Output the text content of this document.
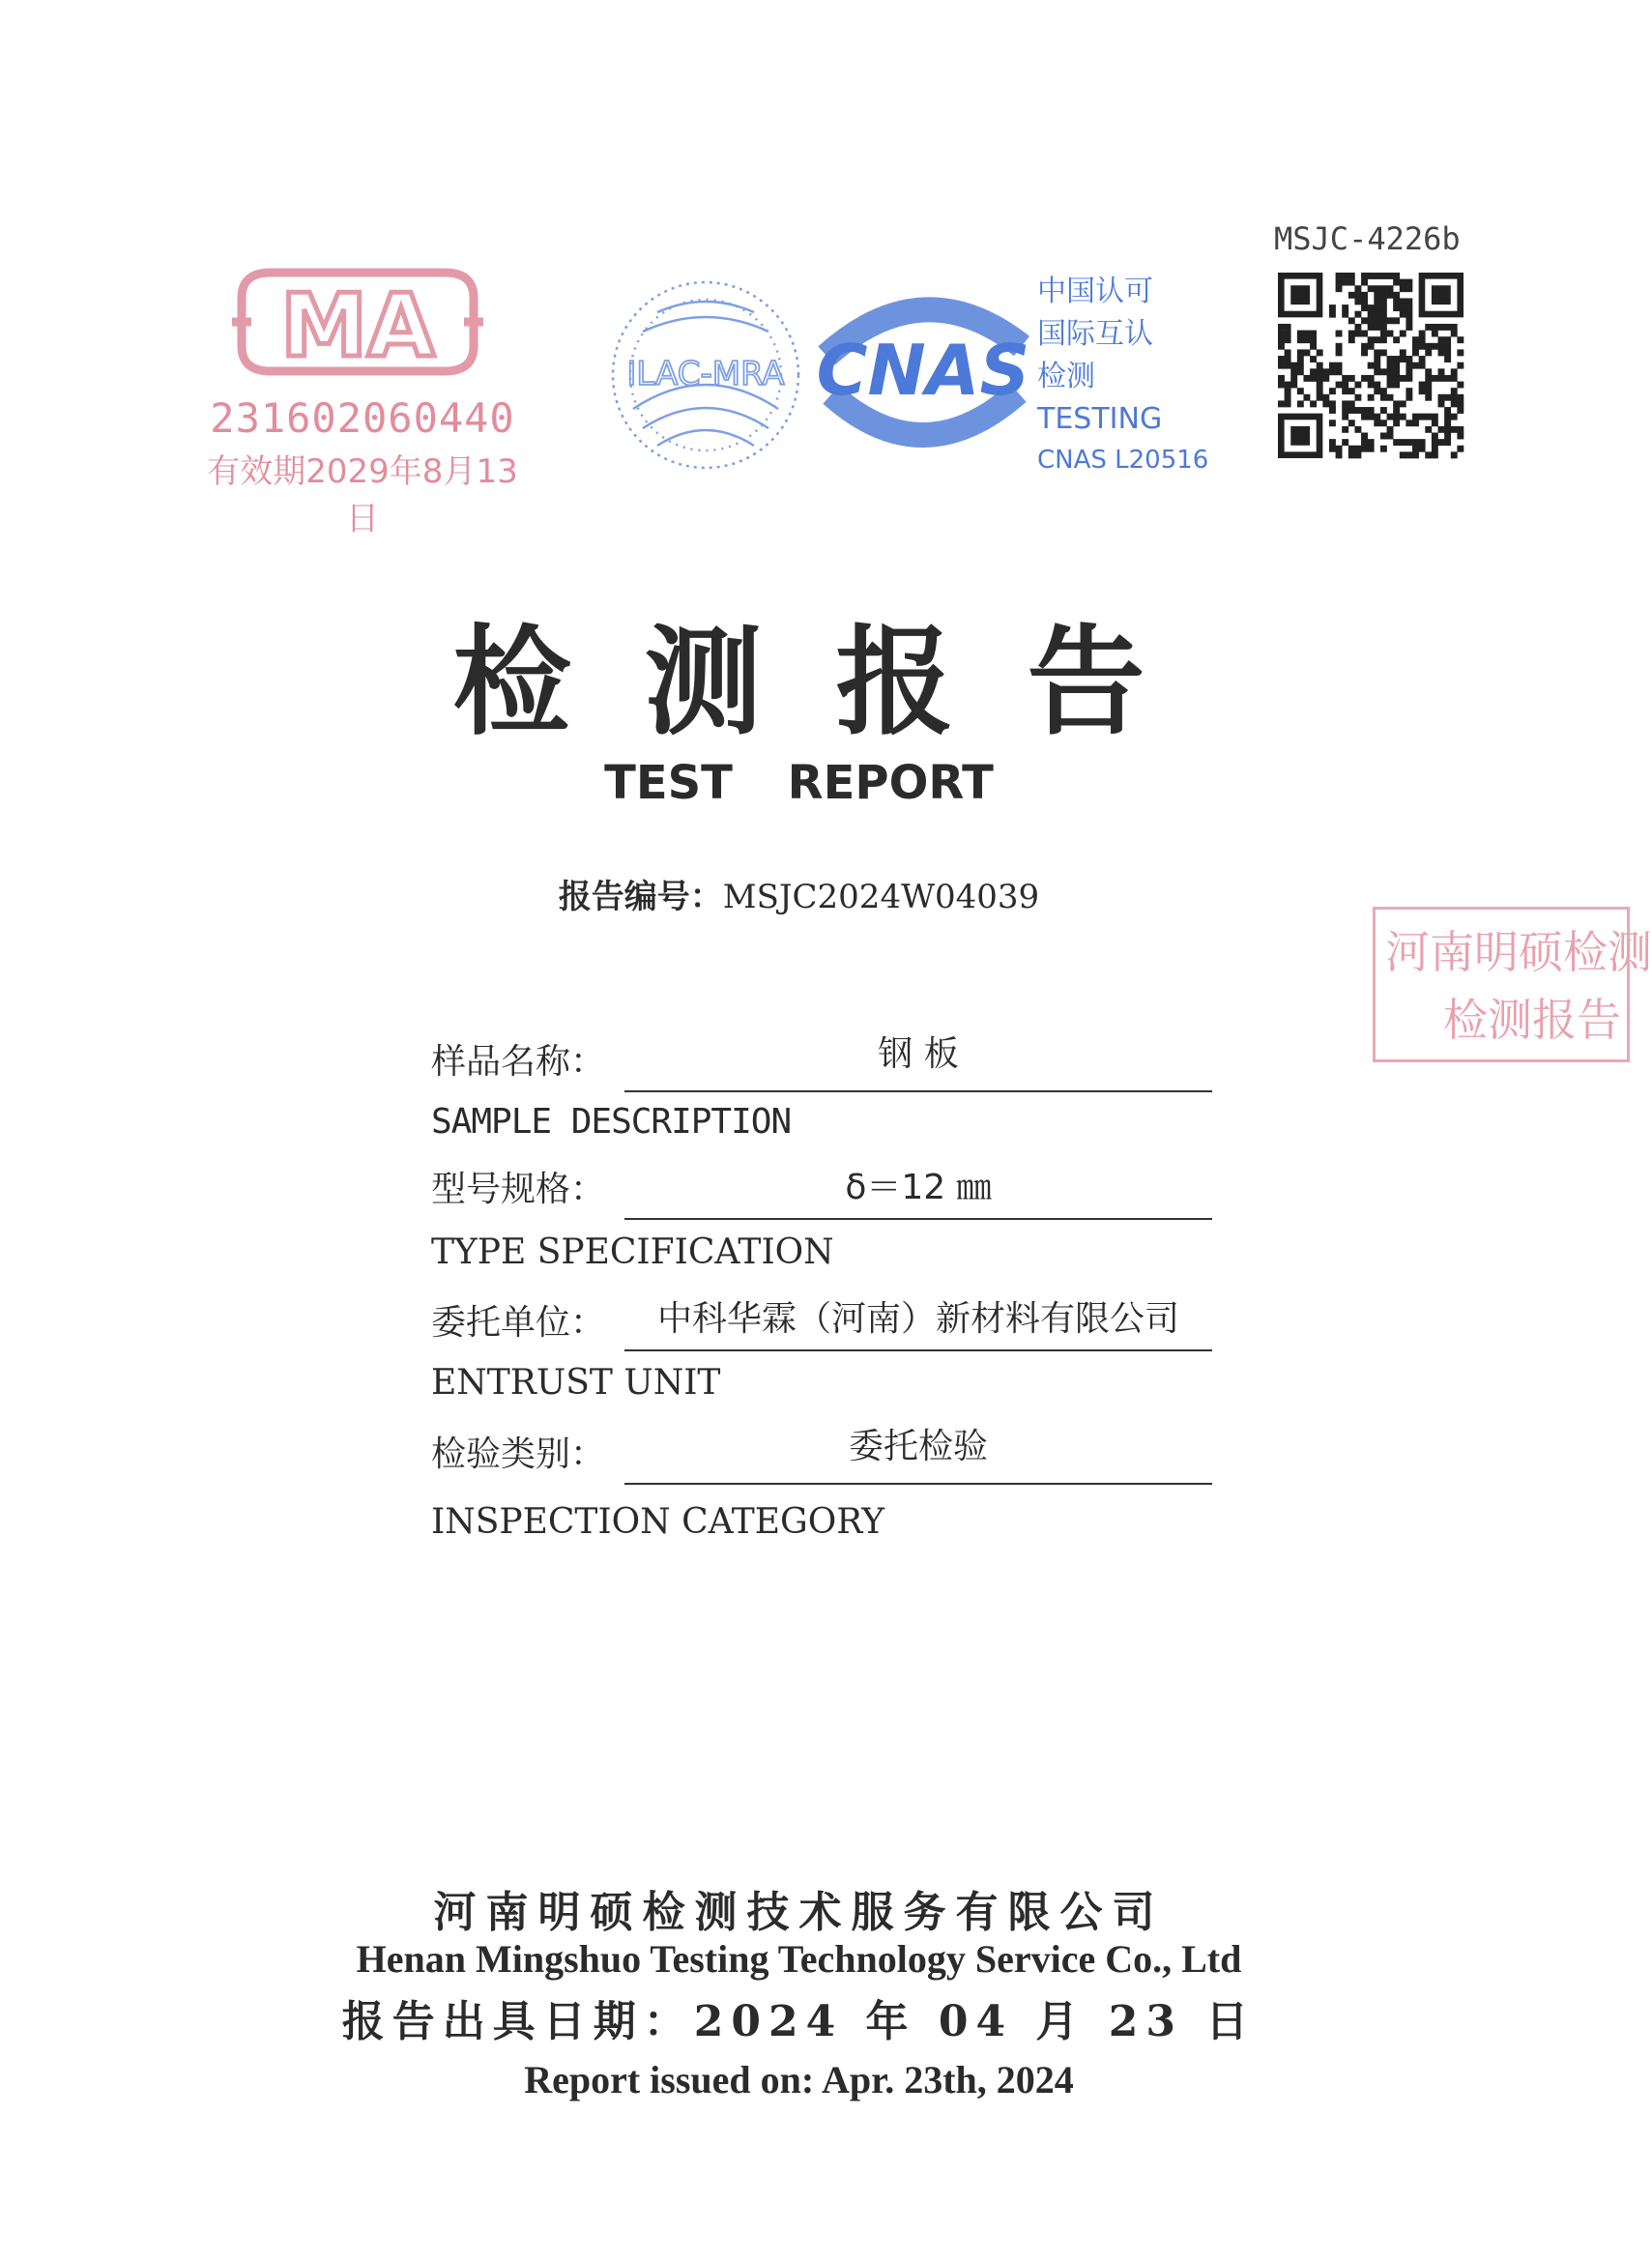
MA
231602060440
有效期2029年8月13日
ILAC-MRA CNAS
中国认可
国际互认
检测
TESTING
CNAS L20516
MSJC-4226b
检测报告
TEST REPORT
报告编号：MSJC2024W04039
河南明硕检测
检测报告
样品名称：	钢 板
SAMPLE DESCRIPTION
型号规格：	δ＝12 ㎜
TYPE SPECIFICATION
委托单位：	中科华霖（河南）新材料有限公司
ENTRUST UNIT
检验类别：	委托检验
INSPECTION CATEGORY
河南明硕检测技术服务有限公司
Henan Mingshuo Testing Technology Service Co., Ltd
报告出具日期：2024 年 04 月 23 日
Report issued on: Apr. 23th, 2024
